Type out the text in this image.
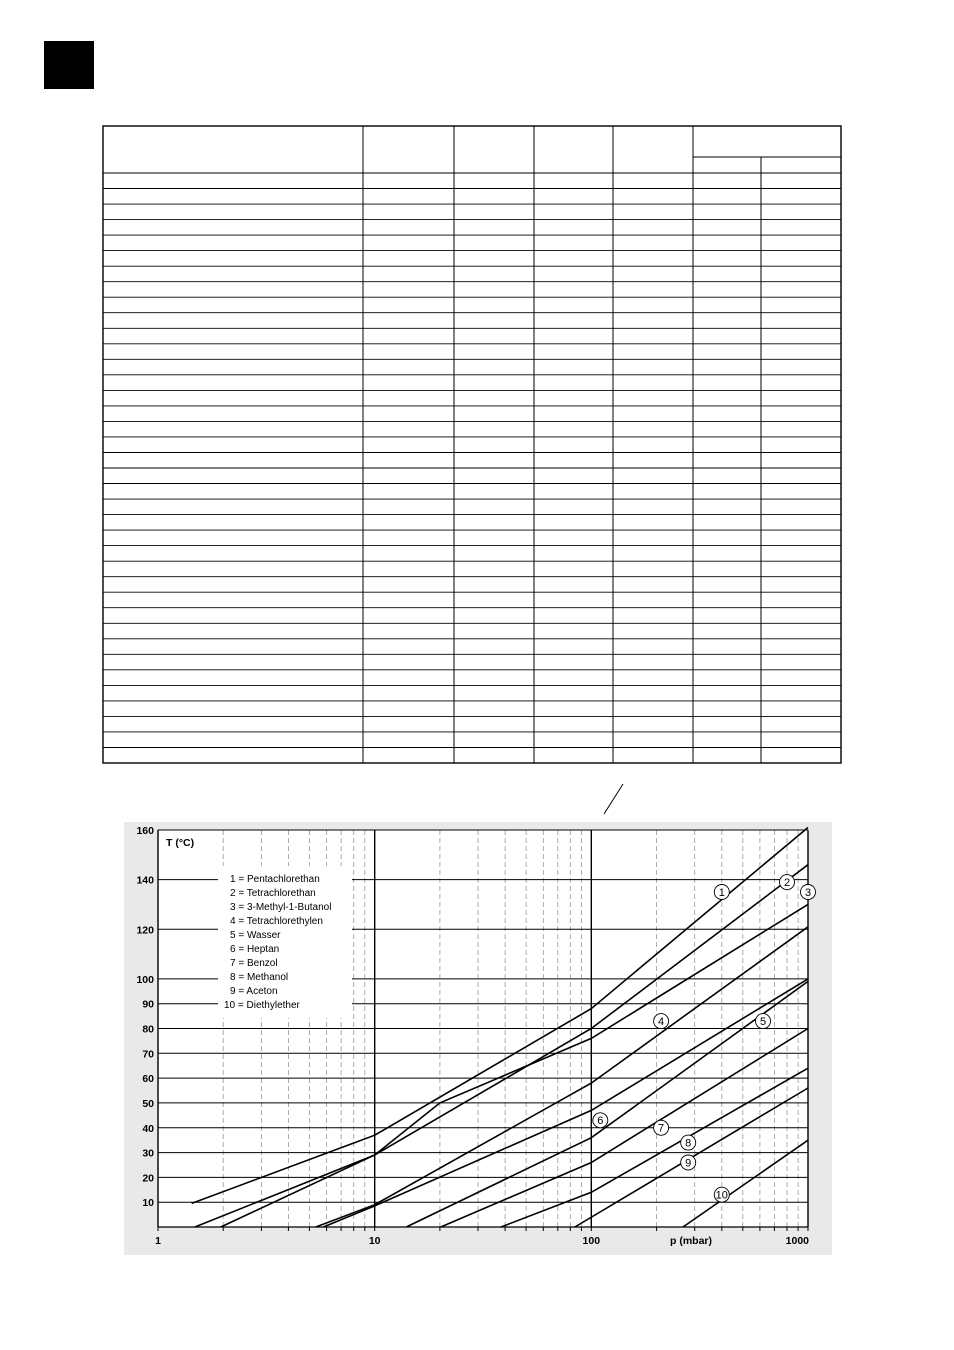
1
2
3
4	5
6
7
8
9
10
10
20
30
40
50
60
70
80
90
100
120
140
160
1	10	100	1000
1 = Pentachlorethan
2 = Tetrachlorethan
3 = 3-Methyl-1-Butanol
4 = Tetrachlorethylen
5 = Wasser
6 = Heptan
7 = Benzol
8 = Methanol
9 = Aceton
10 = Diethylether
T (°C)
p (mbar)
